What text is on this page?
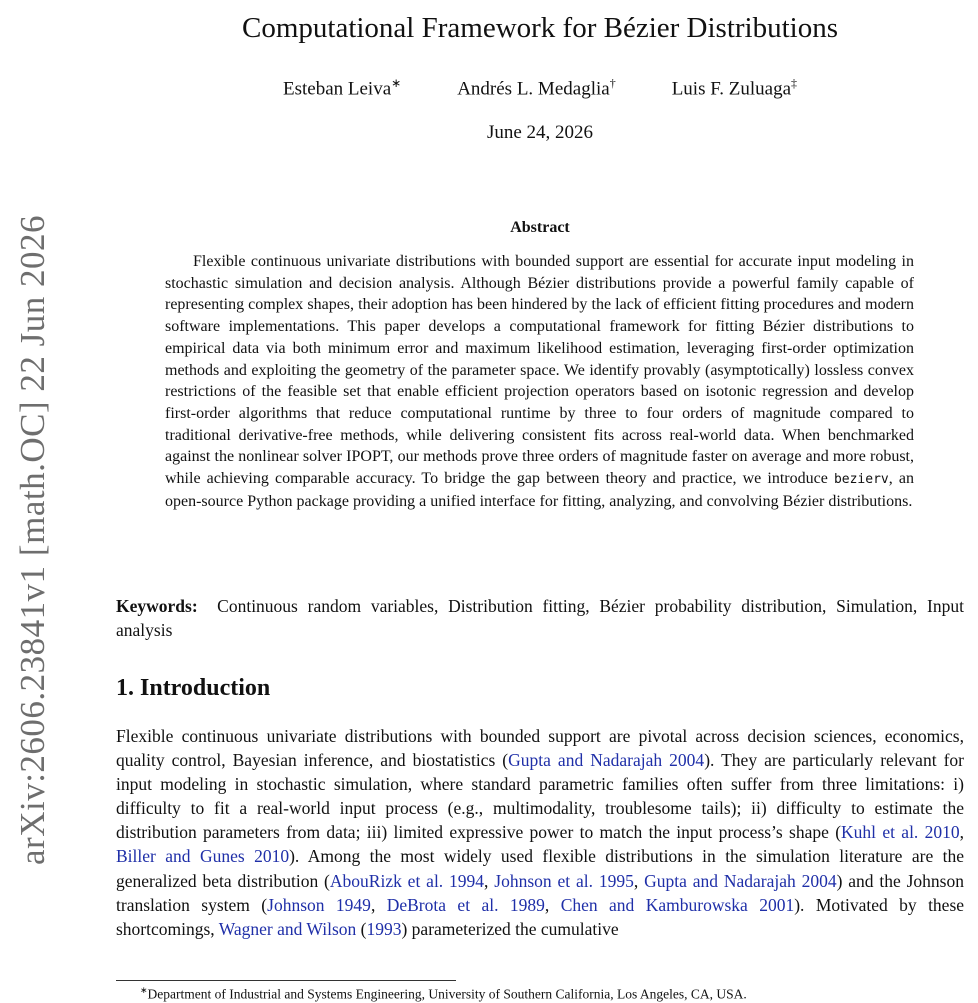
arXiv:2606.23841v1 [math.OC] 22 Jun 2026
Computational Framework for Bézier Distributions
Esteban Leiva∗	Andrés L. Medaglia†	Luis F. Zuluaga‡
June 24, 2026
Abstract
Flexible continuous univariate distributions with bounded support are essential for accurate input modeling in stochastic simulation and decision analysis. Although Bézier distributions provide a powerful family capable of representing complex shapes, their adoption has been hindered by the lack of efficient fitting procedures and modern software implementations. This paper develops a computational framework for fitting Bézier distributions to empirical data via both minimum error and maximum likelihood estimation, leveraging first-order optimization methods and exploiting the geometry of the parameter space. We identify provably (asymptotically) lossless convex restrictions of the feasible set that enable efficient projection operators based on isotonic regression and develop first-order algorithms that reduce computational runtime by three to four orders of magnitude compared to traditional derivative-free methods, while delivering consistent fits across real-world data. When benchmarked against the nonlinear solver IPOPT, our methods prove three orders of magnitude faster on average and more robust, while achieving comparable accuracy. To bridge the gap between theory and practice, we introduce bezierv, an open-source Python package providing a unified interface for fitting, analyzing, and convolving Bézier distributions.
Keywords: Continuous random variables, Distribution fitting, Bézier probability distribution, Simulation, Input analysis
1. Introduction
Flexible continuous univariate distributions with bounded support are pivotal across decision sciences, economics, quality control, Bayesian inference, and biostatistics (Gupta and Nadarajah 2004). They are particularly relevant for input modeling in stochastic simulation, where standard parametric families often suffer from three limitations: i) difficulty to fit a real-world input process (e.g., multimodality, troublesome tails); ii) difficulty to estimate the distribution parameters from data; iii) limited expressive power to match the input process’s shape (Kuhl et al. 2010, Biller and Gunes 2010). Among the most widely used flexible distributions in the simulation literature are the generalized beta distribution (AbouRizk et al. 1994, Johnson et al. 1995, Gupta and Nadarajah 2004) and the Johnson translation system (Johnson 1949, DeBrota et al. 1989, Chen and Kamburowska 2001). Motivated by these shortcomings, Wagner and Wilson (1993) parameterized the cumulative
∗Department of Industrial and Systems Engineering, University of Southern California, Los Angeles, CA, USA.
